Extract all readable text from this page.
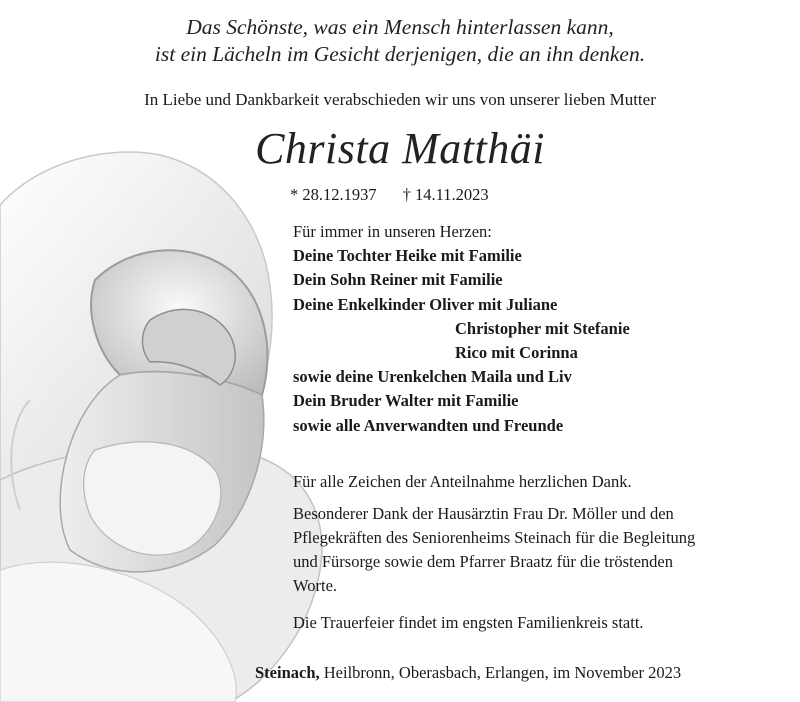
Das Schönste, was ein Mensch hinterlassen kann,
ist ein Lächeln im Gesicht derjenigen, die an ihn denken.
In Liebe und Dankbarkeit verabschieden wir uns von unserer lieben Mutter
Christa Matthäi
* 28.12.1937 † 14.11.2023
Für immer in unseren Herzen:
Deine Tochter Heike mit Familie
Dein Sohn Reiner mit Familie
Deine Enkelkinder Oliver mit Juliane
Christopher mit Stefanie
Rico mit Corinna
sowie deine Urenkelchen Maila und Liv
Dein Bruder Walter mit Familie
sowie alle Anverwandten und Freunde
Für alle Zeichen der Anteilnahme herzlichen Dank.
Besonderer Dank der Hausärztin Frau Dr. Möller und den
Pflegekräften des Seniorenheims Steinach für die Begleitung
und Fürsorge sowie dem Pfarrer Braatz für die tröstenden
Worte.
Die Trauerfeier findet im engsten Familienkreis statt.
Steinach, Heilbronn, Oberasbach, Erlangen, im November 2023
